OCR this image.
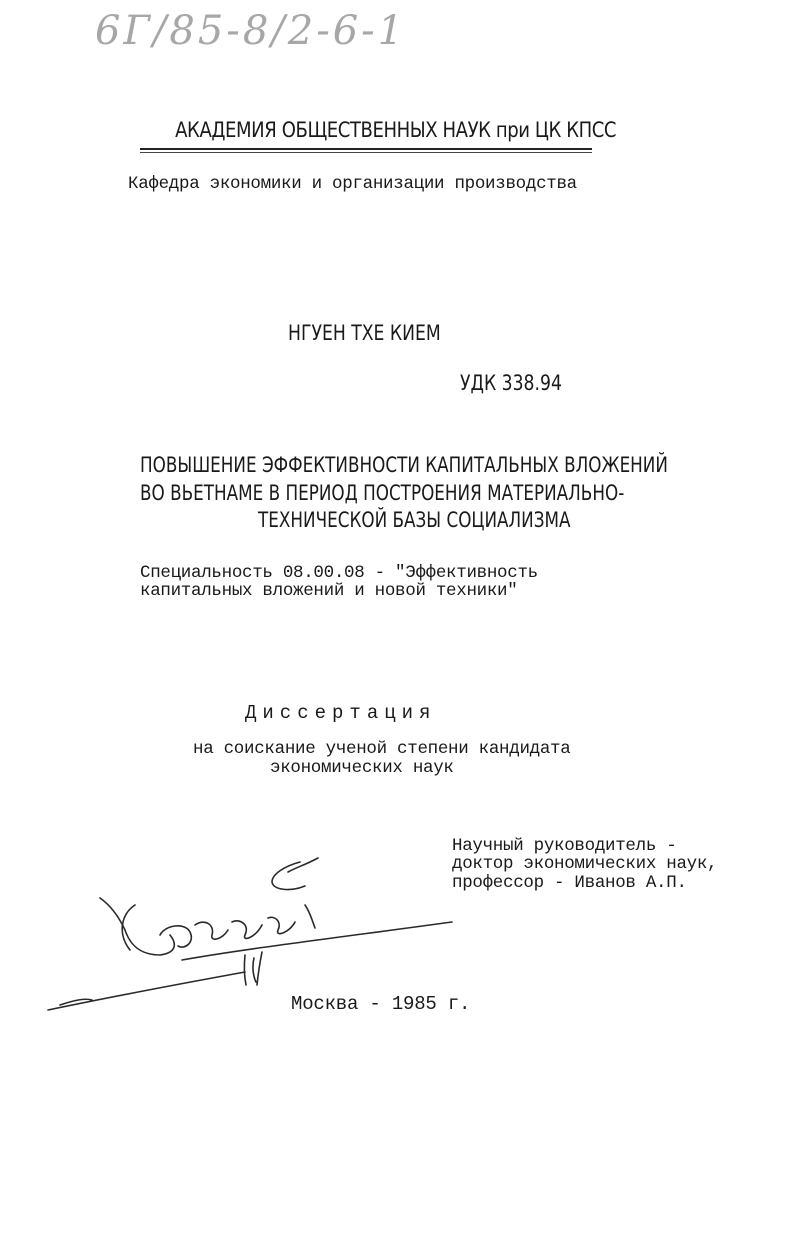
6Г/85-8/2-6-1
АКАДЕМИЯ ОБЩЕСТВЕННЫХ НАУК при ЦК КПСС
Кафедра экономики и организации производства
НГУЕН ТХЕ КИЕМ
УДК 338.94
ПОВЫШЕНИЕ ЭФФЕКТИВНОСТИ КАПИТАЛЬНЫХ ВЛОЖЕНИЙ
ВО ВЬЕТНАМЕ В ПЕРИОД ПОСТРОЕНИЯ МАТЕРИАЛЬНО-
ТЕХНИЧЕСКОЙ БАЗЫ СОЦИАЛИЗМА
Специальность 08.00.08 - "Эффективность
капитальных вложений и новой техники"
Диссертация
на соискание ученой степени кандидата
экономических наук
Научный руководитель -
доктор экономических наук,
профессор - Иванов А.П.
Москва - 1985 г.
